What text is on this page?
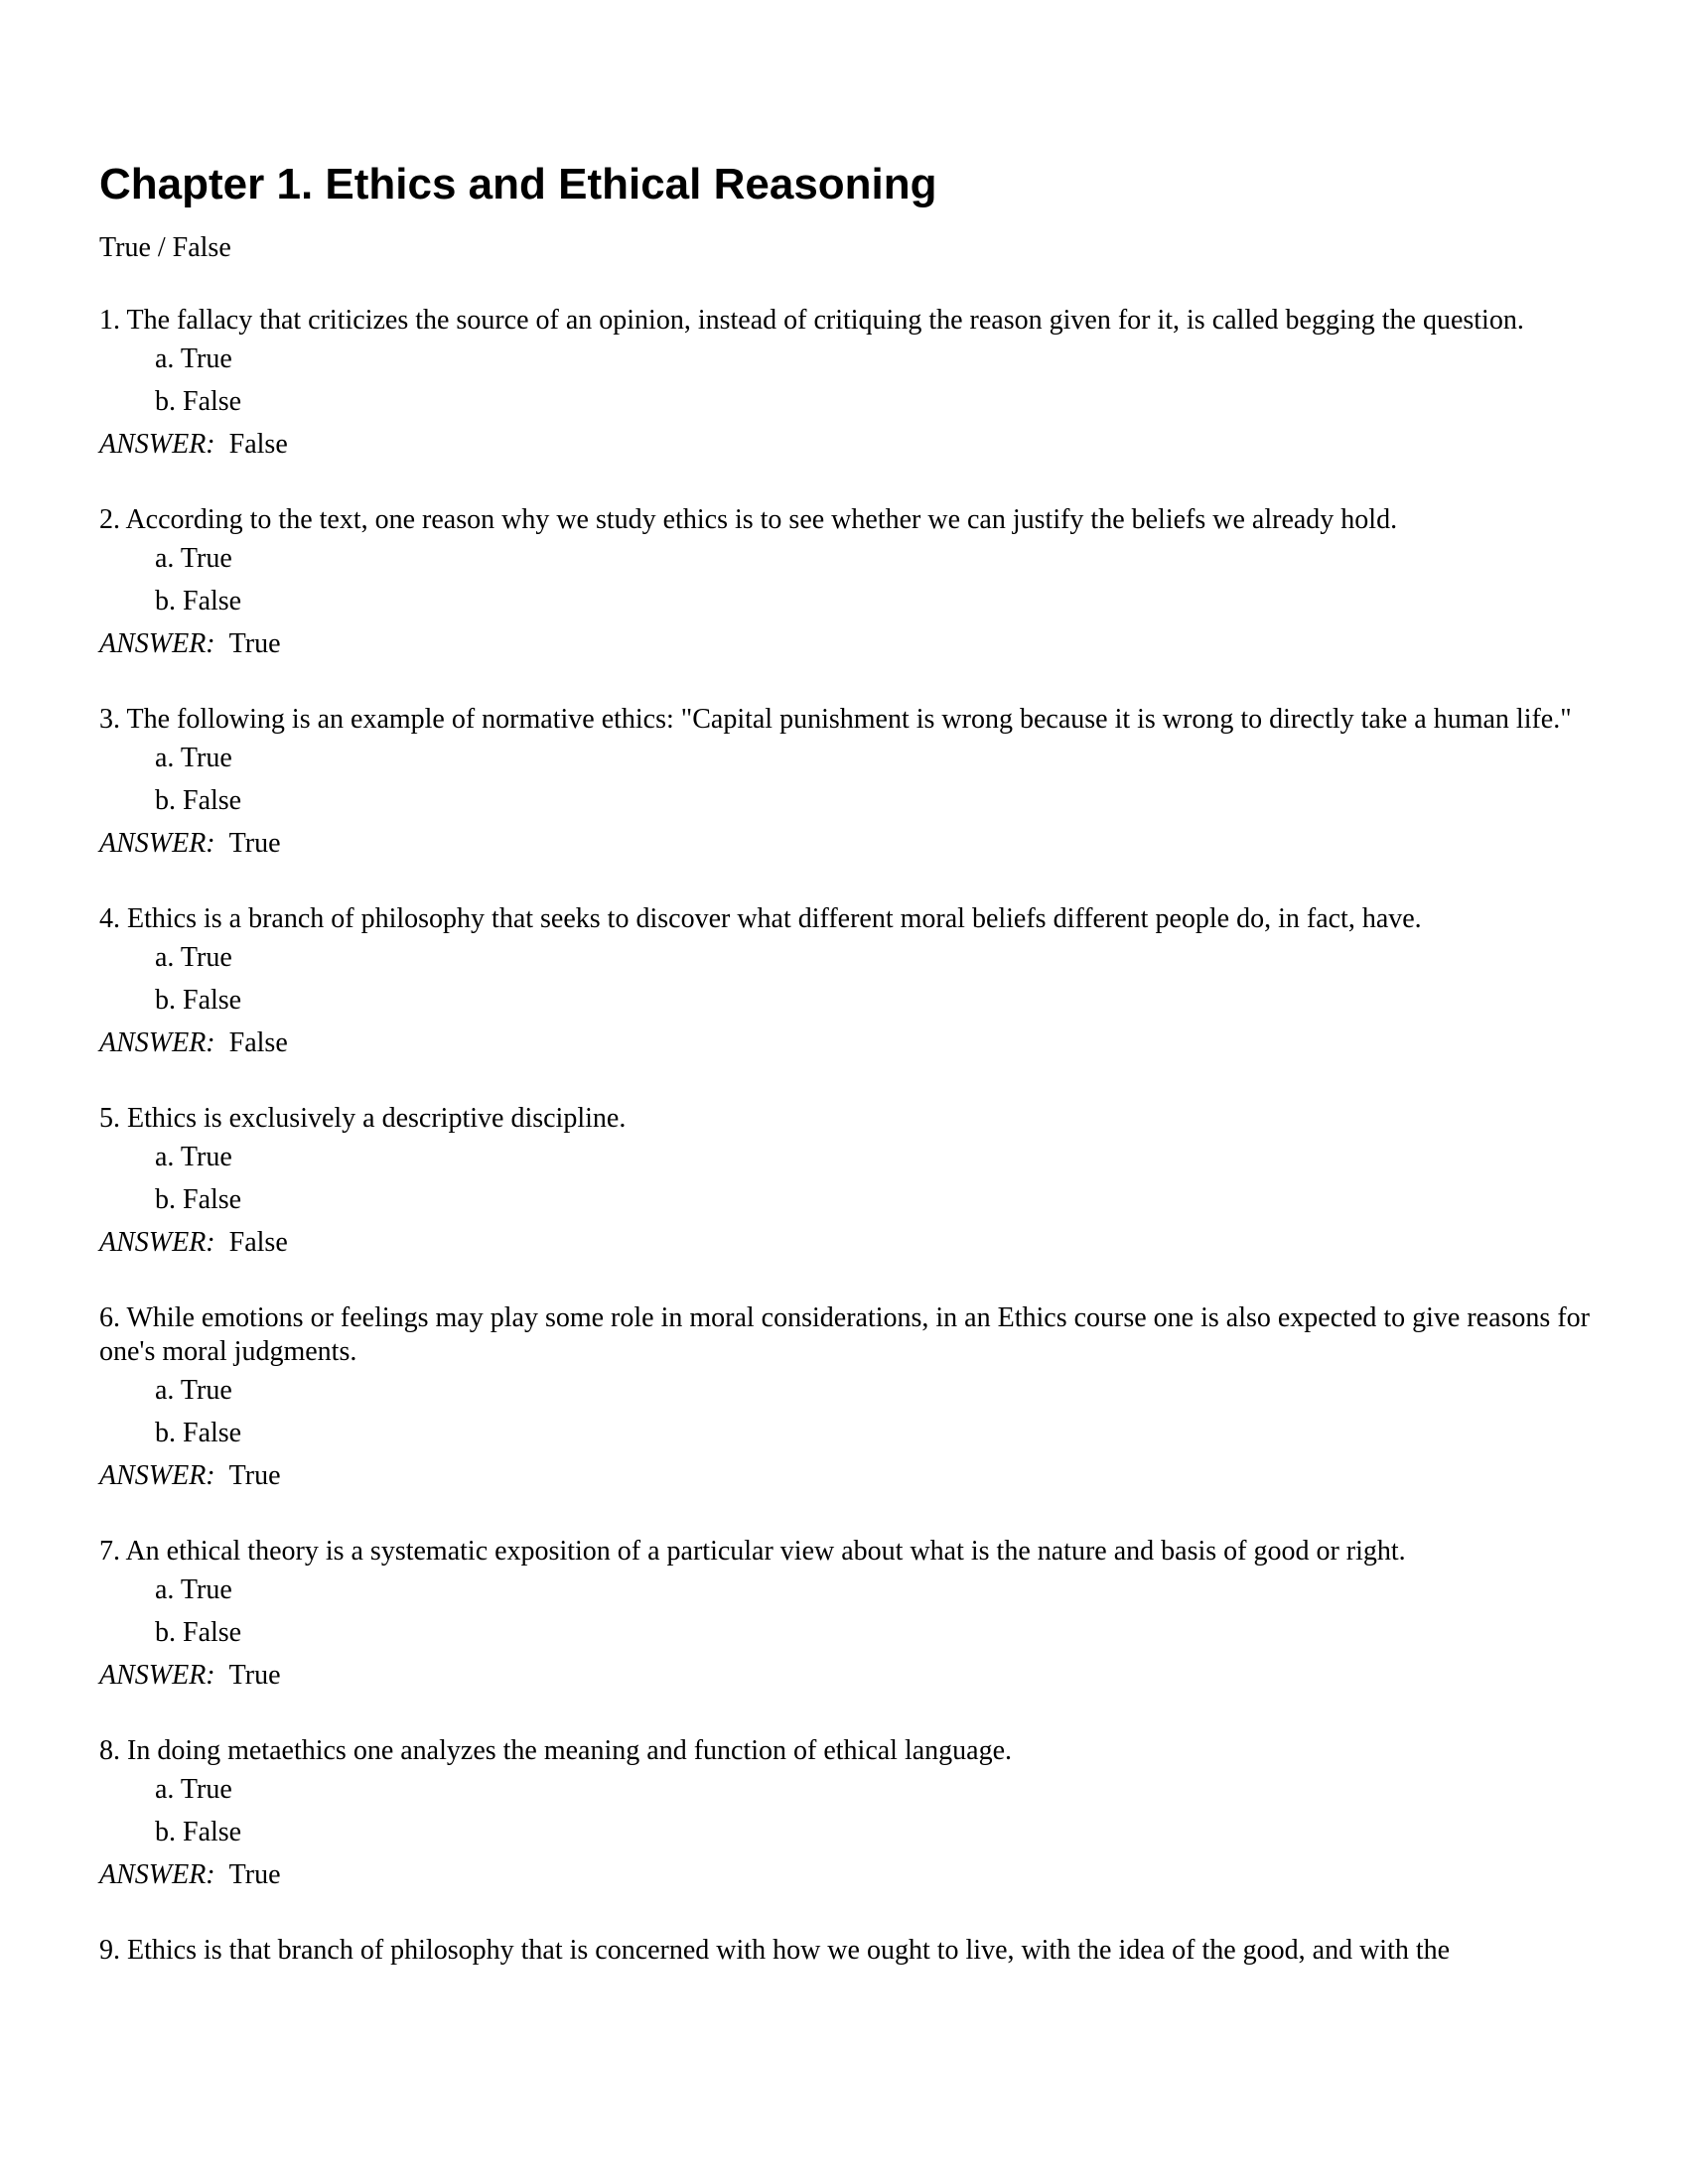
Chapter 1. Ethics and Ethical Reasoning
True / False
1. The fallacy that criticizes the source of an opinion, instead of critiquing the reason given for it, is called begging the question.
a. True
b. False
ANSWER: False
2. According to the text, one reason why we study ethics is to see whether we can justify the beliefs we already hold.
a. True
b. False
ANSWER: True
3. The following is an example of normative ethics: "Capital punishment is wrong because it is wrong to directly take a human life."
a. True
b. False
ANSWER: True
4. Ethics is a branch of philosophy that seeks to discover what different moral beliefs different people do, in fact, have.
a. True
b. False
ANSWER: False
5. Ethics is exclusively a descriptive discipline.
a. True
b. False
ANSWER: False
6. While emotions or feelings may play some role in moral considerations, in an Ethics course one is also expected to give reasons for one's moral judgments.
a. True
b. False
ANSWER: True
7. An ethical theory is a systematic exposition of a particular view about what is the nature and basis of good or right.
a. True
b. False
ANSWER: True
8. In doing metaethics one analyzes the meaning and function of ethical language.
a. True
b. False
ANSWER: True
9. Ethics is that branch of philosophy that is concerned with how we ought to live, with the idea of the good, and with the
